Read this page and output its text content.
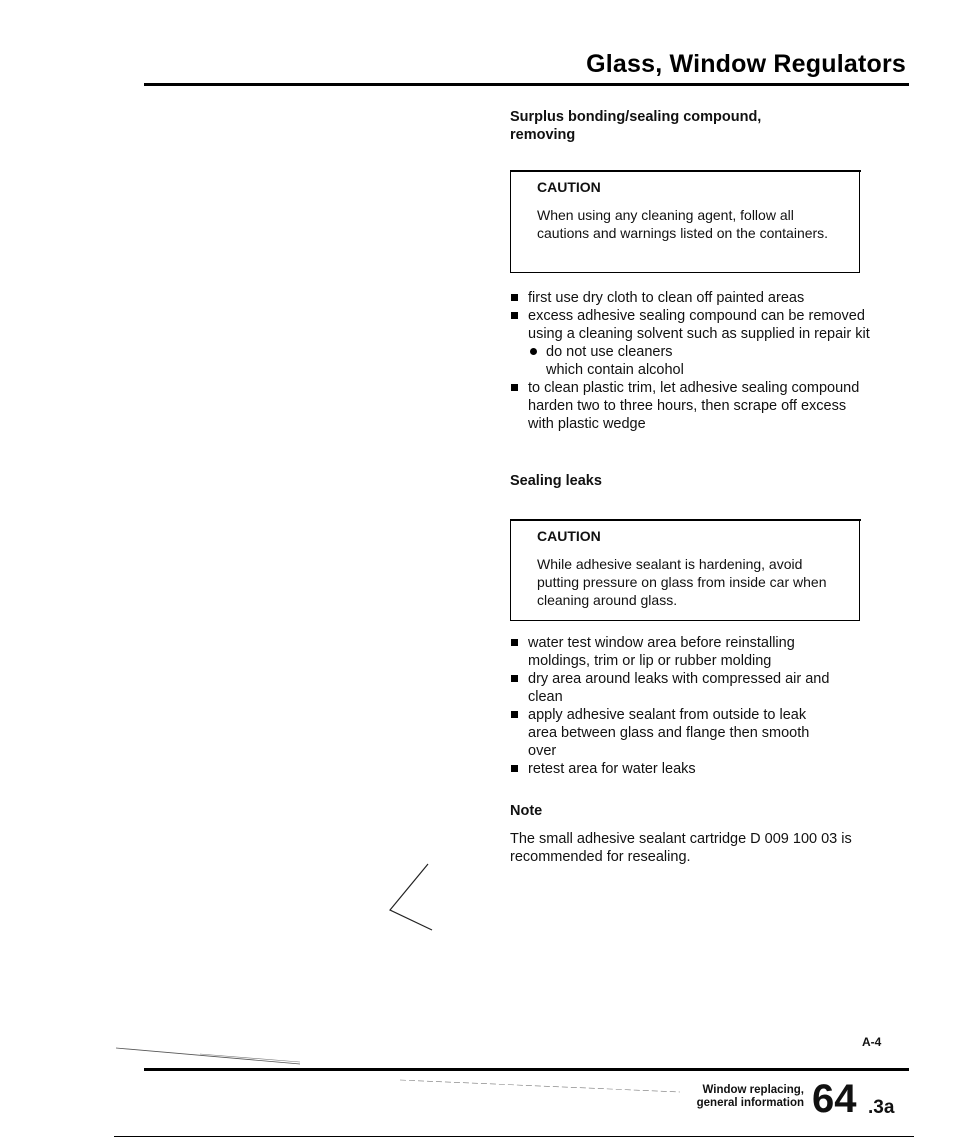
Glass, Window Regulators
Surplus bonding/sealing compound, removing
CAUTION
When using any cleaning agent, follow all cautions and warnings listed on the containers.
first use dry cloth to clean off painted areas
excess adhesive sealing compound can be removed using a cleaning solvent such as supplied in repair kit
do not use cleaners which contain alcohol
to clean plastic trim, let adhesive sealing compound harden two to three hours, then scrape off excess with plastic wedge
Sealing leaks
CAUTION
While adhesive sealant is hardening, avoid putting pressure on glass from inside car when cleaning around glass.
water test window area before reinstalling moldings, trim or lip or rubber molding
dry area around leaks with compressed air and clean
apply adhesive sealant from outside to leak area between glass and flange then smooth over
retest area for water leaks
Note
The small adhesive sealant cartridge D 009 100 03 is recommended for resealing.
A-4
Window replacing,
general information 64 .3a
